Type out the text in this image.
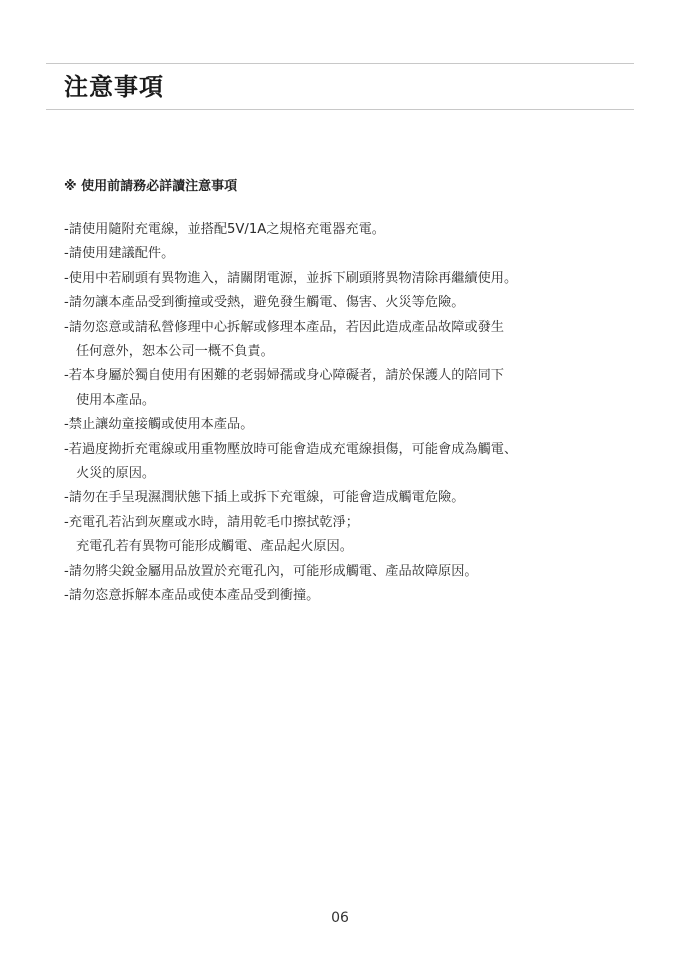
注意事項

※ 使用前請務必詳讀注意事項

-請使用隨附充電線，並搭配5V/1A之規格充電器充電。
-請使用建議配件。
-使用中若刷頭有異物進入，請關閉電源，並拆下刷頭將異物清除再繼續使用。
-請勿讓本產品受到衝撞或受熱，避免發生觸電、傷害、火災等危險。
-請勿恣意或請私營修理中心拆解或修理本產品，若因此造成產品故障或發生
任何意外，恕本公司一概不負責。
-若本身屬於獨自使用有困難的老弱婦孺或身心障礙者，請於保護人的陪同下
使用本產品。
-禁止讓幼童接觸或使用本產品。
-若過度拗折充電線或用重物壓放時可能會造成充電線損傷，可能會成為觸電、
火災的原因。
-請勿在手呈現濕潤狀態下插上或拆下充電線，可能會造成觸電危險。
-充電孔若沾到灰塵或水時，請用乾毛巾擦拭乾淨；
充電孔若有異物可能形成觸電、產品起火原因。
-請勿將尖銳金屬用品放置於充電孔內，可能形成觸電、產品故障原因。
-請勿恣意拆解本產品或使本產品受到衝撞。
06
